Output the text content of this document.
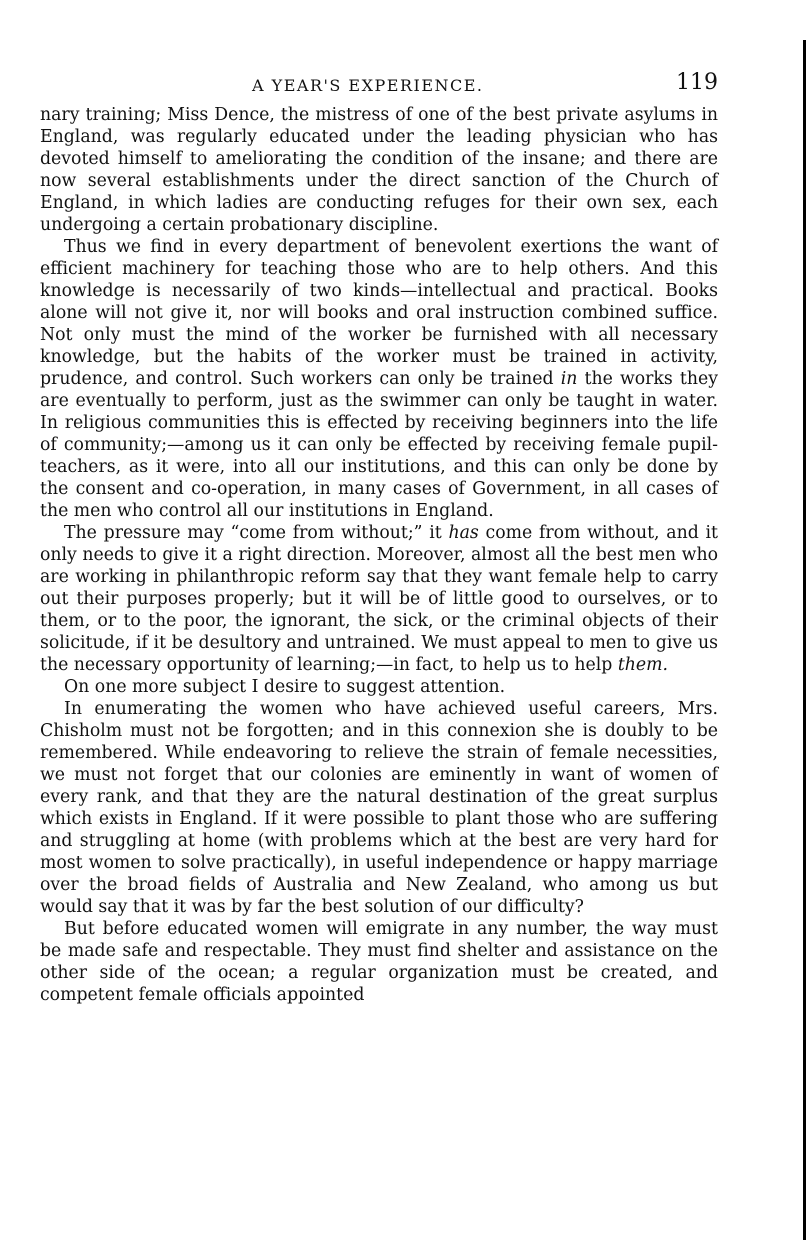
A YEAR'S EXPERIENCE.	119

nary training; Miss Dence, the mistress of one of the best private asylums in England, was regularly educated under the leading physician who has devoted himself to ameliorating the condition of the insane; and there are now several establishments under the direct sanction of the Church of England, in which ladies are conducting refuges for their own sex, each undergoing a certain probationary discipline.

Thus we find in every department of benevolent exertions the want of efficient machinery for teaching those who are to help others. And this knowledge is necessarily of two kinds—intellectual and practical. Books alone will not give it, nor will books and oral instruction combined suffice. Not only must the mind of the worker be furnished with all necessary knowledge, but the habits of the worker must be trained in activity, prudence, and control. Such workers can only be trained in the works they are eventually to perform, just as the swimmer can only be taught in water. In religious communities this is effected by receiving beginners into the life of community;—among us it can only be effected by receiving female pupil-teachers, as it were, into all our institutions, and this can only be done by the consent and co-operation, in many cases of Government, in all cases of the men who control all our institutions in England.

The pressure may “come from without;” it has come from without, and it only needs to give it a right direction. Moreover, almost all the best men who are working in philanthropic reform say that they want female help to carry out their purposes properly; but it will be of little good to ourselves, or to them, or to the poor, the ignorant, the sick, or the criminal objects of their solicitude, if it be desultory and untrained. We must appeal to men to give us the necessary opportunity of learning;—in fact, to help us to help them.

On one more subject I desire to suggest attention.

In enumerating the women who have achieved useful careers, Mrs. Chisholm must not be forgotten; and in this connexion she is doubly to be remembered. While endeavoring to relieve the strain of female necessities, we must not forget that our colonies are eminently in want of women of every rank, and that they are the natural destination of the great surplus which exists in England. If it were possible to plant those who are suffering and struggling at home (with problems which at the best are very hard for most women to solve practically), in useful independence or happy marriage over the broad fields of Australia and New Zealand, who among us but would say that it was by far the best solution of our difficulty?

But before educated women will emigrate in any number, the way must be made safe and respectable. They must find shelter and assistance on the other side of the ocean; a regular organization must be created, and competent female officials appointed
